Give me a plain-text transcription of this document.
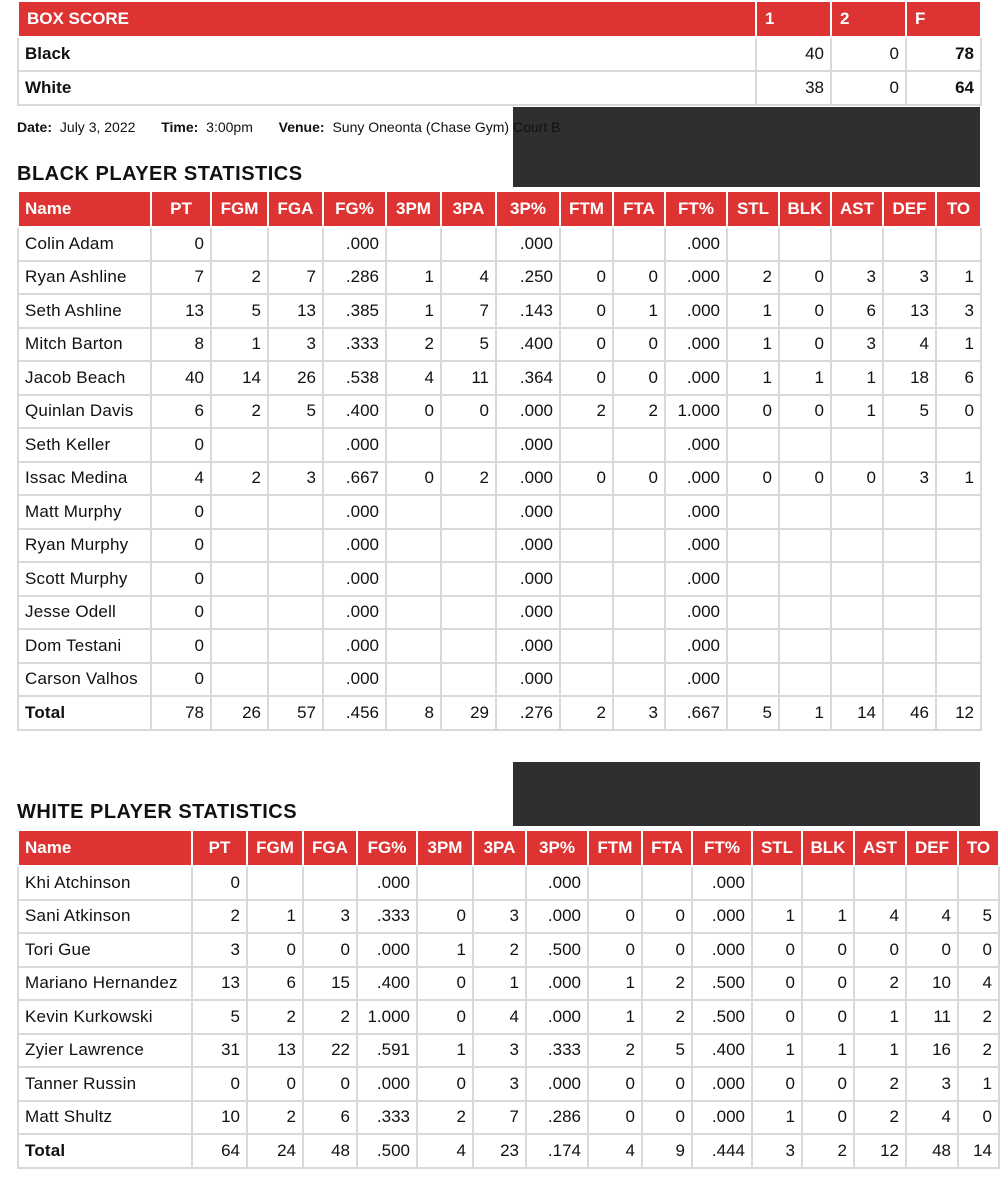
BOX SCORE	1	2	F
Black	40	0	78
White	38	0	64
Date: July 3, 2022 Time: 3:00pm Venue: Suny Oneonta (Chase Gym) Court B
BLACK PLAYER STATISTICS
Name	PT	FGM	FGA	FG%	3PM	3PA	3P%	FTM	FTA	FT%	STL	BLK	AST	DEF	TO
Colin Adam	0			.000			.000			.000					
Ryan Ashline	7	2	7	.286	1	4	.250	0	0	.000	2	0	3	3	1
Seth Ashline	13	5	13	.385	1	7	.143	0	1	.000	1	0	6	13	3
Mitch Barton	8	1	3	.333	2	5	.400	0	0	.000	1	0	3	4	1
Jacob Beach	40	14	26	.538	4	11	.364	0	0	.000	1	1	1	18	6
Quinlan Davis	6	2	5	.400	0	0	.000	2	2	1.000	0	0	1	5	0
Seth Keller	0			.000			.000			.000					
Issac Medina	4	2	3	.667	0	2	.000	0	0	.000	0	0	0	3	1
Matt Murphy	0			.000			.000			.000					
Ryan Murphy	0			.000			.000			.000					
Scott Murphy	0			.000			.000			.000					
Jesse Odell	0			.000			.000			.000					
Dom Testani	0			.000			.000			.000					
Carson Valhos	0			.000			.000			.000					
Total	78	26	57	.456	8	29	.276	2	3	.667	5	1	14	46	12
WHITE PLAYER STATISTICS
Name	PT	FGM	FGA	FG%	3PM	3PA	3P%	FTM	FTA	FT%	STL	BLK	AST	DEF	TO
Khi Atchinson	0			.000			.000			.000					
Sani Atkinson	2	1	3	.333	0	3	.000	0	0	.000	1	1	4	4	5
Tori Gue	3	0	0	.000	1	2	.500	0	0	.000	0	0	0	0	0
Mariano Hernandez	13	6	15	.400	0	1	.000	1	2	.500	0	0	2	10	4
Kevin Kurkowski	5	2	2	1.000	0	4	.000	1	2	.500	0	0	1	11	2
Zyier Lawrence	31	13	22	.591	1	3	.333	2	5	.400	1	1	1	16	2
Tanner Russin	0	0	0	.000	0	3	.000	0	0	.000	0	0	2	3	1
Matt Shultz	10	2	6	.333	2	7	.286	0	0	.000	1	0	2	4	0
Total	64	24	48	.500	4	23	.174	4	9	.444	3	2	12	48	14
